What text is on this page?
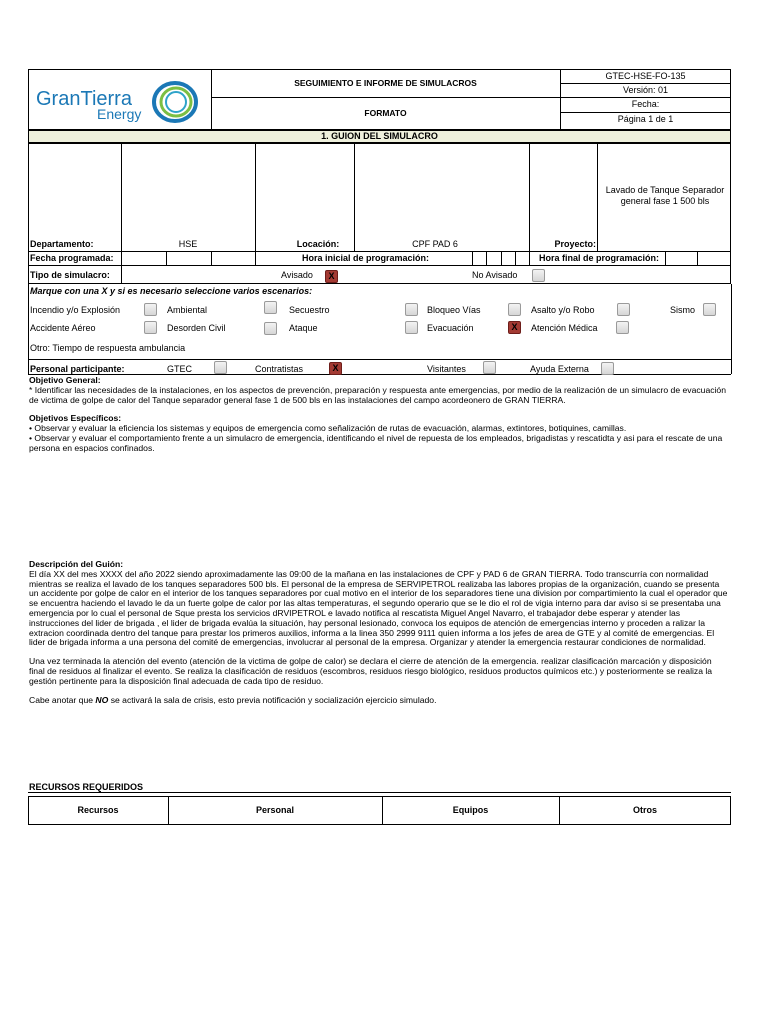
GranTierra
Energy
SEGUIMIENTO E INFORME DE SIMULACROS
FORMATO
GTEC-HSE-FO-135
Versión: 01
Fecha:
Página 1 de 1
1. GUION DEL SIMULACRO
Departamento:	HSE	Locación:	CPF PAD 6	Proyecto:
Lavado de Tanque Separador general fase 1 500 bls
Fecha programada:	Hora inicial de programación:	Hora final de programación:
Tipo de simulacro:	Avisado	X	No Avisado
Marque con una X y si es necesario seleccione varios escenarios:
Incendio y/o Explosión	Ambiental	Secuestro	Bloqueo Vías	Asalto y/o Robo	Sismo
Accidente Aéreo	Desorden Civil	Ataque	Evacuación	X	Atención Médica
Otro: Tiempo de respuesta ambulancia
Personal participante:	GTEC	Contratistas	X	Visitantes	Ayuda Externa

Objetivo General:

* Identificar las necesidades de la instalaciones, en los aspectos de prevención, preparación y respuesta ante emergencias, por medio de la realización de un simulacro de evacuación de victima de golpe de calor del Tanque separador general fase 1 de 500 bls en las instalaciones del campo acordeonero de GRAN TIERRA.

Objetivos Específicos:

• Observar y evaluar la eficiencia los sistemas y equipos de emergencia como señalización de rutas de evacuación, alarmas, extintores, botiquines, camillas.

• Observar y evaluar el comportamiento frente a un simulacro de emergencia, identificando el nivel de repuesta de los empleados, brigadistas y rescatidta y asi para el rescate de una persona en espacios confinados.

Descripción del Guión:

El día XX del mes XXXX del año 2022 siendo aproximadamente las 09:00 de la mañana en las instalaciones de CPF y PAD 6 de GRAN TIERRA. Todo transcurría con normalidad mientras se realiza el lavado de los tanques separadores 500 bls. El personal de la empresa de SERVIPETROL realizaba las labores propias de la organización, cuando se presenta un accidente por golpe de calor en el interior de los tanques separadores por cual motivo en el interior de los separadores tiene una division por compartimiento la cual el operador que se encuentra haciendo el lavado le da un fuerte golpe de calor por las altas temperaturas, el segundo operario que se le dio el rol de vigia interno para dar aviso si se presentaba una emergencia por lo cual el personal de Sque presta los servicios dRVIPETROL e lavado notifica al rescatista Miguel Angel Navarro, el trabajador debe esperar y atender las instrucciones del lider de brigada , el lider de brigada evalúa la situación, hay personal lesionado, convoca los equipos de atención de emergencias interno y proceden a ralizar la extracion coordinada dentro del tanque para prestar los primeros auxilios, informa a la linea 350 2999 9111 quien informa a los jefes de area de GTE y al comité de emergencias. El lider de brigada informa a una persona del comité de emergencias, involucrar al personal de la empresa. Organizar y atender la emergencia restaurar condiciones de normalidad.

Una vez terminada la atención del evento (atención de la victima de golpe de calor) se declara el cierre de atención de la emergencia. realizar clasificación marcación y disposición final de residuos al finalizar el evento. Se realiza la clasificación de residuos (escombros, residuos riesgo biológico, residuos productos químicos etc.) y posteriormente se realiza la gestión pertinente para la disposición final adecuada de cada tipo de residuo.

Cabe anotar que NO se activará la sala de crisis, esto previa notificación y socialización ejercicio simulado.

RECURSOS REQUERIDOS
Recursos	Personal	Equipos	Otros
